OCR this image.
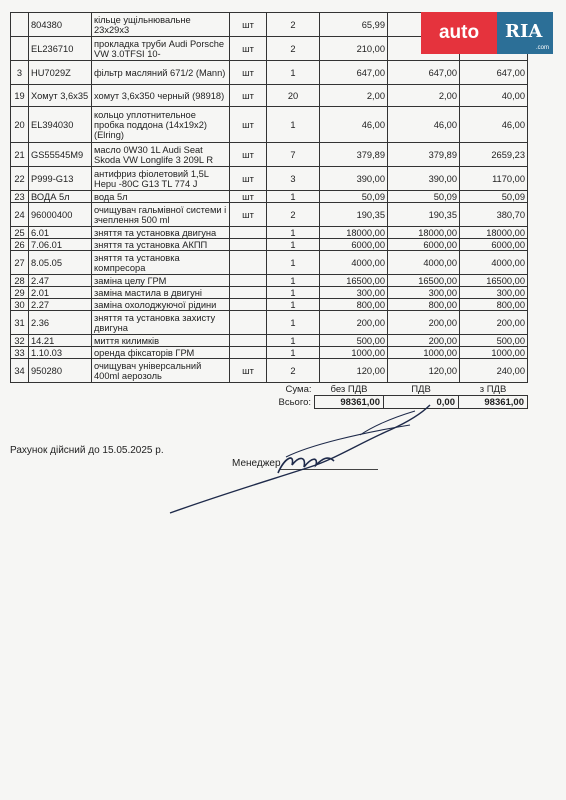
	804380	кільце ущільнювальне 23x29x3	шт	2	65,99		
	EL236710	прокладка труби Audi Porsche VW 3.0TFSI 10-	шт	2	210,00		
3	HU7029Z	фільтр масляний 671/2 (Mann)	шт	1	647,00	647,00	647,00
19	Хомут 3,6x35	хомут 3,6x350 черный (98918)	шт	20	2,00	2,00	40,00
20	EL394030	кольцо уплотнительное пробка поддона (14x19x2) (Elring)	шт	1	46,00	46,00	46,00
21	GS55545M9	масло 0W30 1L Audi Seat Skoda VW Longlife 3 209L R	шт	7	379,89	379,89	2659,23
22	P999-G13	антифриз фіолетовий 1,5L Hepu -80C G13 TL 774 J	шт	3	390,00	390,00	1170,00
23	ВОДА 5л	вода 5л	шт	1	50,09	50,09	50,09
24	96000400	очищувач гальмівної системи і зчеплення 500 ml	шт	2	190,35	190,35	380,70
25	6.01	зняття та установка двигуна		1	18000,00	18000,00	18000,00
26	7.06.01	зняття та установка АКПП		1	6000,00	6000,00	6000,00
27	8.05.05	зняття та установка компресора		1	4000,00	4000,00	4000,00
28	2.47	заміна целу ГРМ		1	16500,00	16500,00	16500,00
29	2.01	заміна мастила в двигуні		1	300,00	300,00	300,00
30	2.27	заміна охолоджуючої рідини		1	800,00	800,00	800,00
31	2.36	зняття та установка захисту двигуна		1	200,00	200,00	200,00
32	14.21	миття килимків		1	500,00	200,00	500,00
33	1.10.03	оренда фіксаторів ГРМ		1	1000,00	1000,00	1000,00
34	950280	очищувач універсальний 400ml аерозоль	шт	2	120,00	120,00	240,00
Сума:	без ПДВ	ПДВ	з ПДВ
Всього:	98361,00	0,00	98361,00
Рахунок дійсний до 15.05.2025 р.
Менеджер
auto	RIA
.com
